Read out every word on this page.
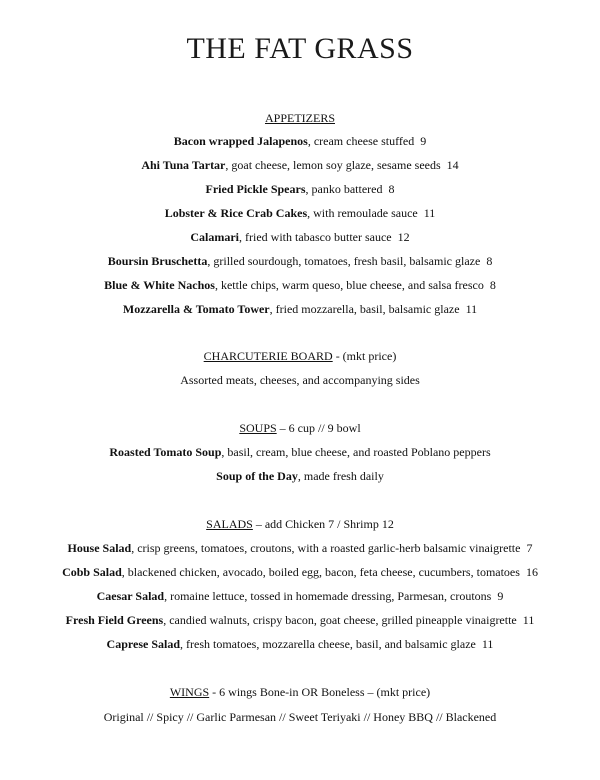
THE FAT GRASS
APPETIZERS
Bacon wrapped Jalapenos, cream cheese stuffed 9
Ahi Tuna Tartar, goat cheese, lemon soy glaze, sesame seeds 14
Fried Pickle Spears, panko battered 8
Lobster & Rice Crab Cakes, with remoulade sauce 11
Calamari, fried with tabasco butter sauce 12
Boursin Bruschetta, grilled sourdough, tomatoes, fresh basil, balsamic glaze 8
Blue & White Nachos, kettle chips, warm queso, blue cheese, and salsa fresco 8
Mozzarella & Tomato Tower, fried mozzarella, basil, balsamic glaze 11
CHARCUTERIE BOARD - (mkt price)
Assorted meats, cheeses, and accompanying sides
SOUPS – 6 cup // 9 bowl
Roasted Tomato Soup, basil, cream, blue cheese, and roasted Poblano peppers
Soup of the Day, made fresh daily
SALADS – add Chicken 7 / Shrimp 12
House Salad, crisp greens, tomatoes, croutons, with a roasted garlic-herb balsamic vinaigrette 7
Cobb Salad, blackened chicken, avocado, boiled egg, bacon, feta cheese, cucumbers, tomatoes 16
Caesar Salad, romaine lettuce, tossed in homemade dressing, Parmesan, croutons 9
Fresh Field Greens, candied walnuts, crispy bacon, goat cheese, grilled pineapple vinaigrette 11
Caprese Salad, fresh tomatoes, mozzarella cheese, basil, and balsamic glaze 11
WINGS - 6 wings Bone-in OR Boneless – (mkt price)
Original // Spicy // Garlic Parmesan // Sweet Teriyaki // Honey BBQ // Blackened
